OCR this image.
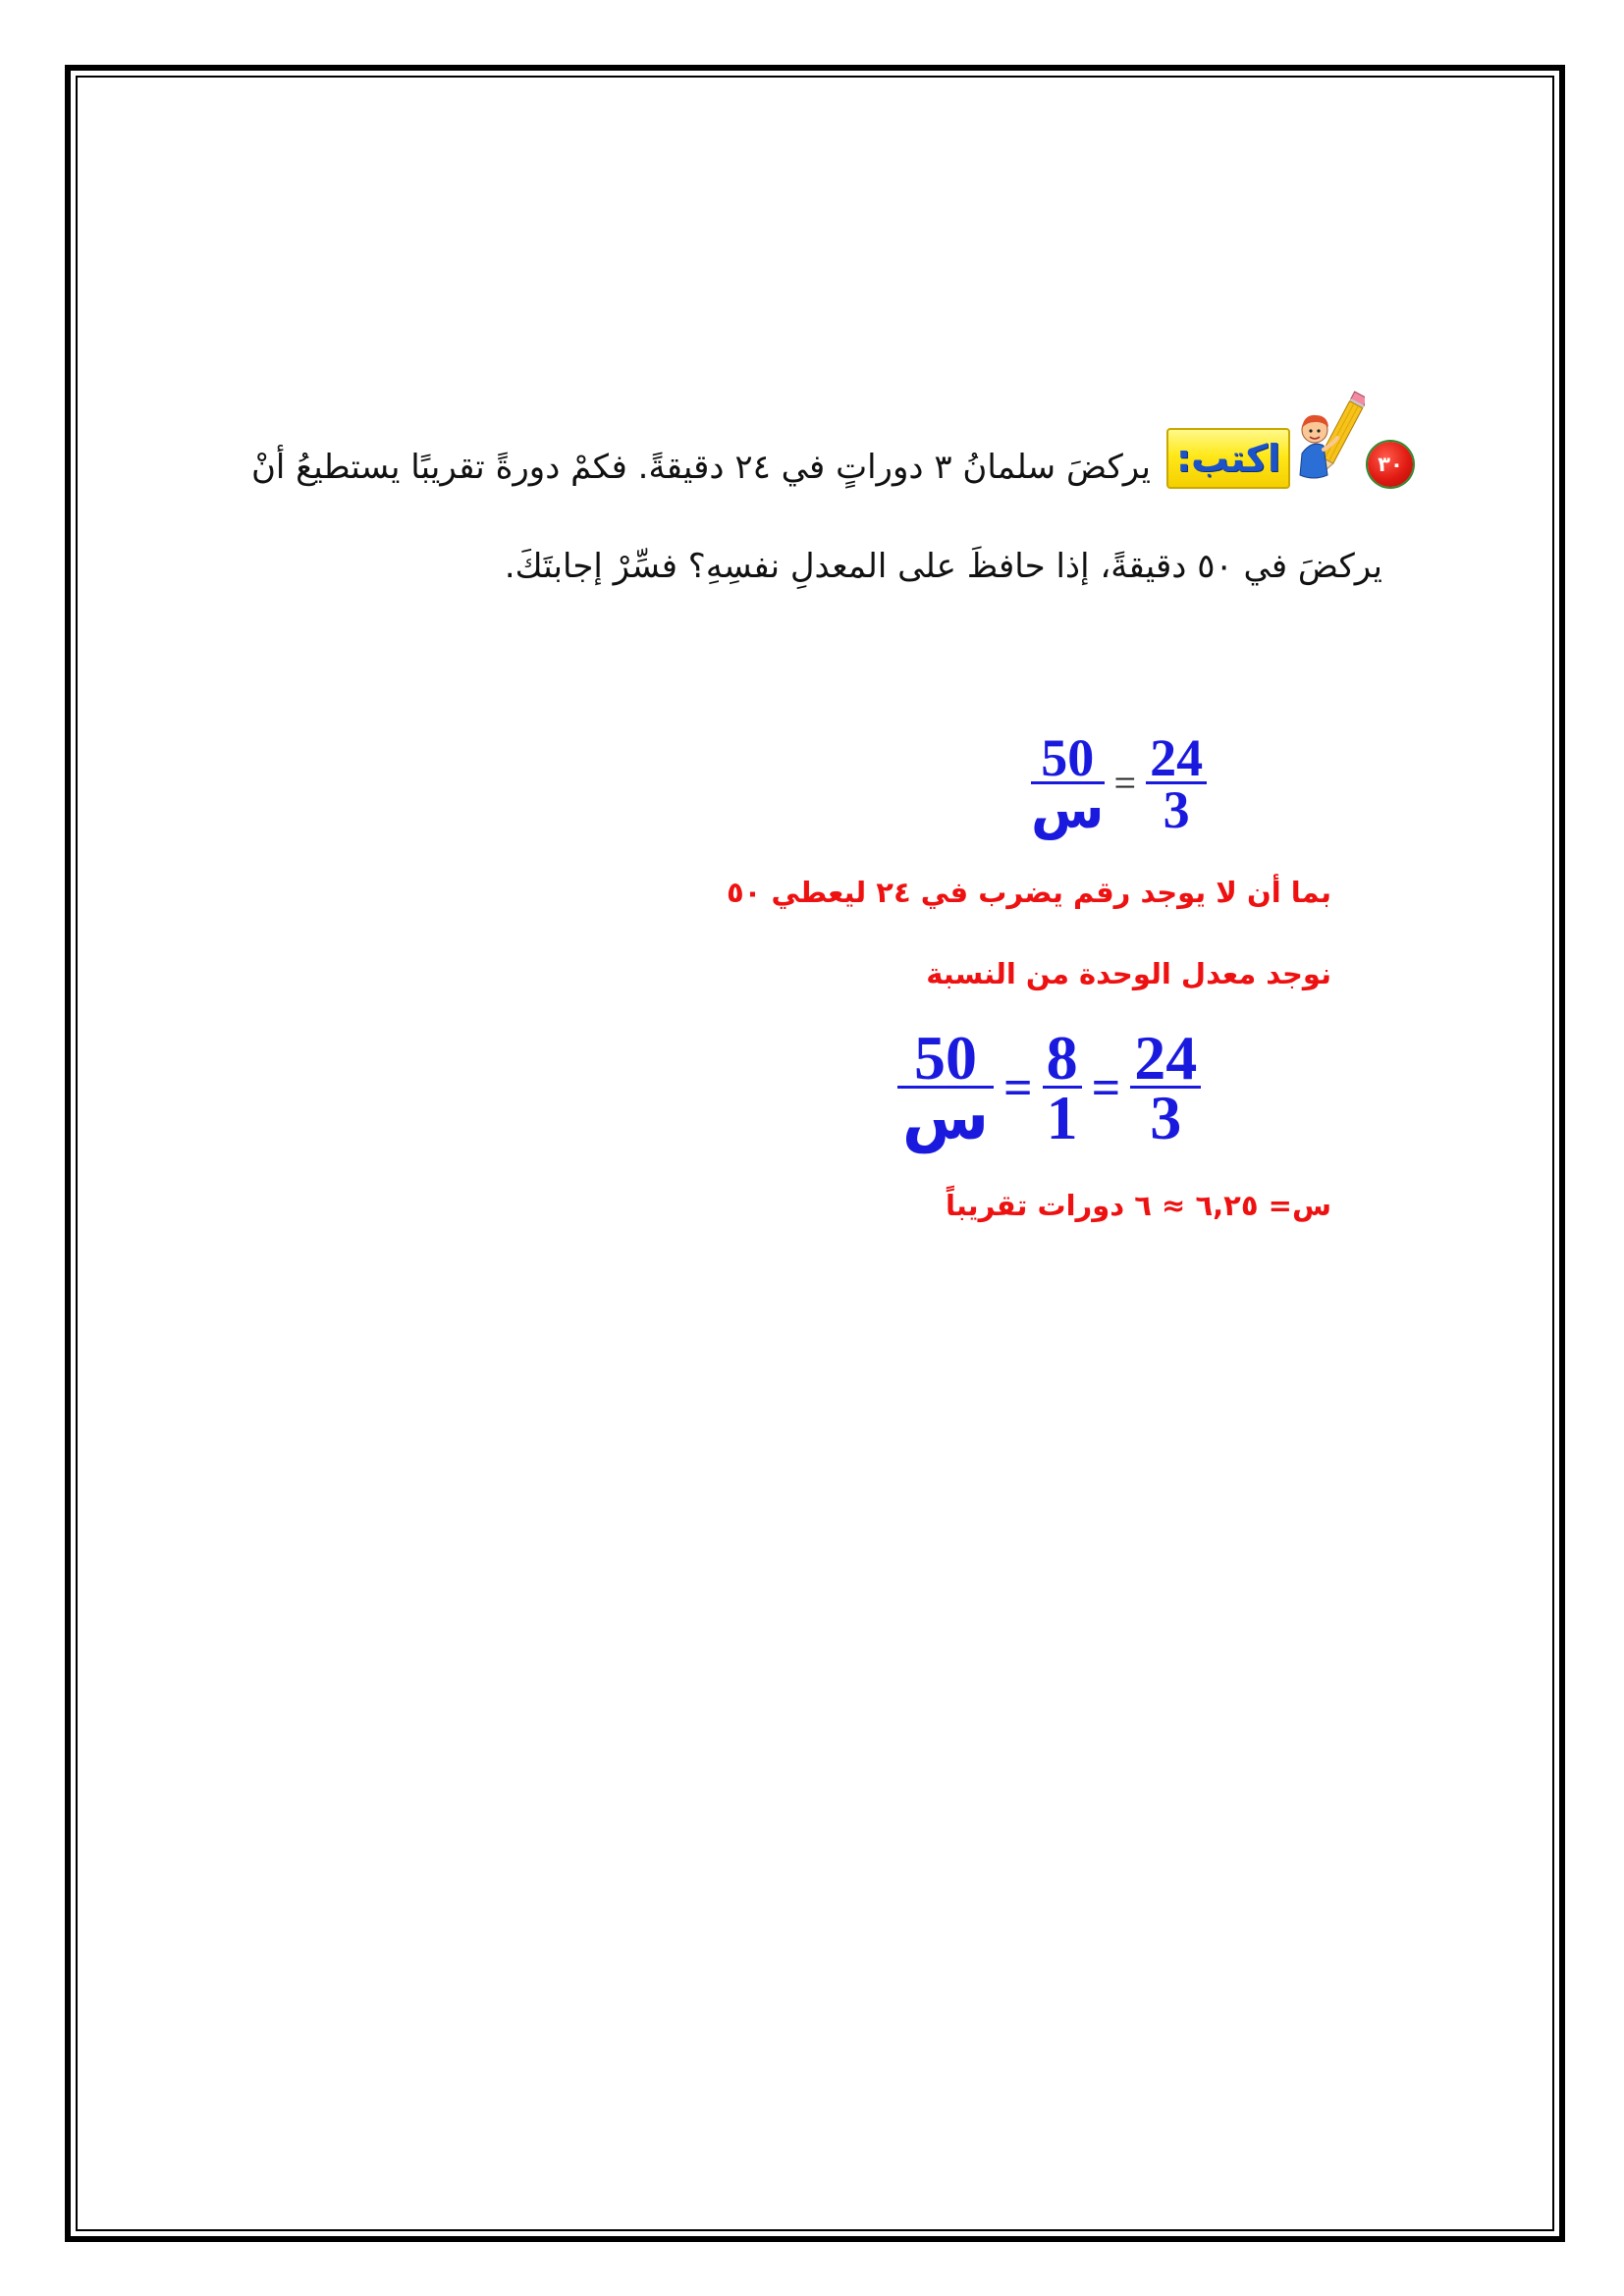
٣٠
اكتب:
يركضَ سلمانُ ٣ دوراتٍ في ٢٤ دقيقةً. فكمْ دورةً تقريبًا يستطيعُ أنْ
يركضَ في ٥٠ دقيقةً، إذا حافظَ على المعدلِ نفسِهِ؟ فسِّرْ إجابتَكَ.
$\frac{50}{\text{س}} = \frac{24}{3}$
بما أن لا يوجد رقم يضرب في ٢٤ ليعطي ٥٠
نوجد معدل الوحدة من النسبة
$\frac{50}{\text{س}} = \frac{8}{1} = \frac{24}{3}$
س= ٦,٢٥ ≈ ٦ دورات تقريباً
